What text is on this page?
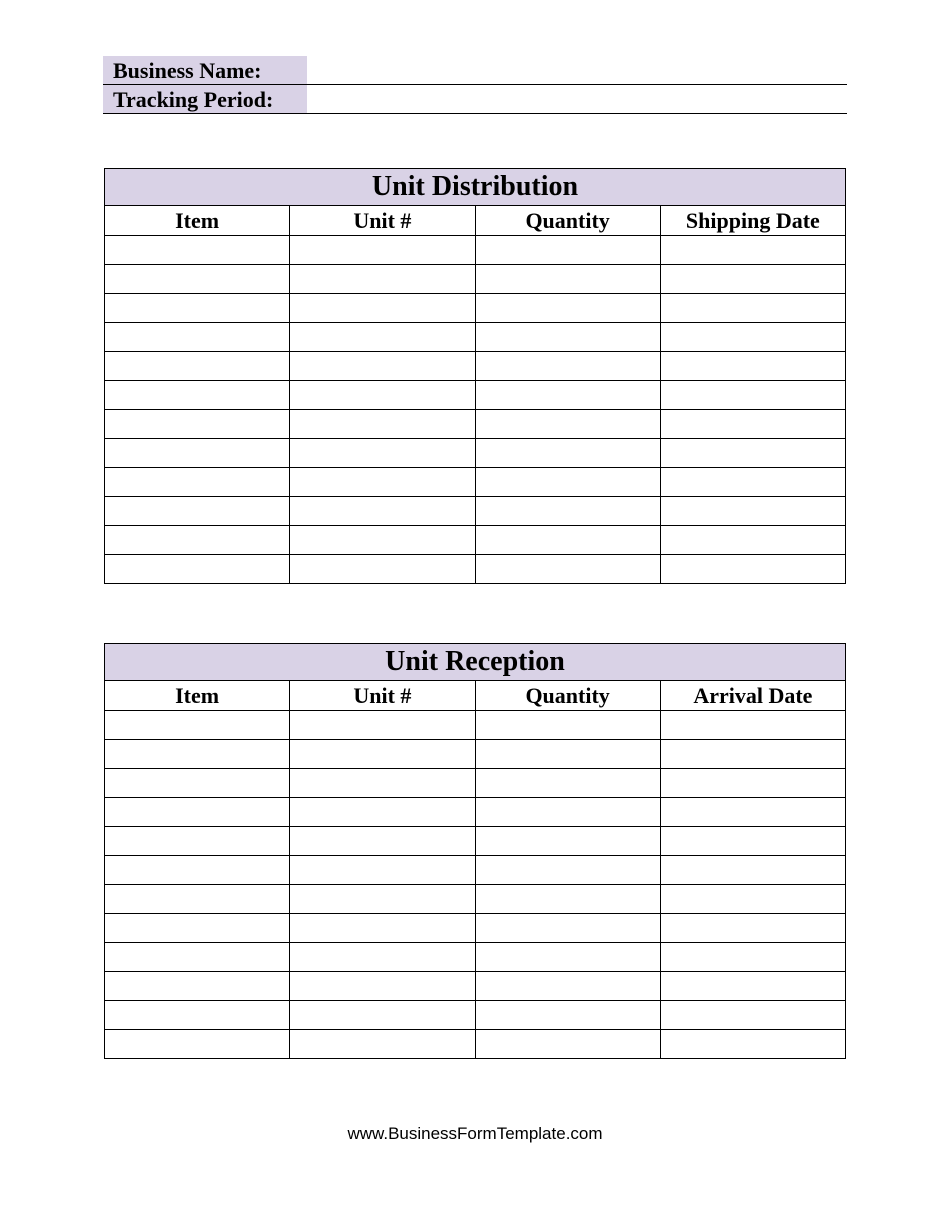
Business Name:
Tracking Period:
Unit Distribution			
Item	Unit #	Quantity	Shipping Date

Unit Reception			
Item	Unit #	Quantity	Arrival Date

www.BusinessFormTemplate.com
